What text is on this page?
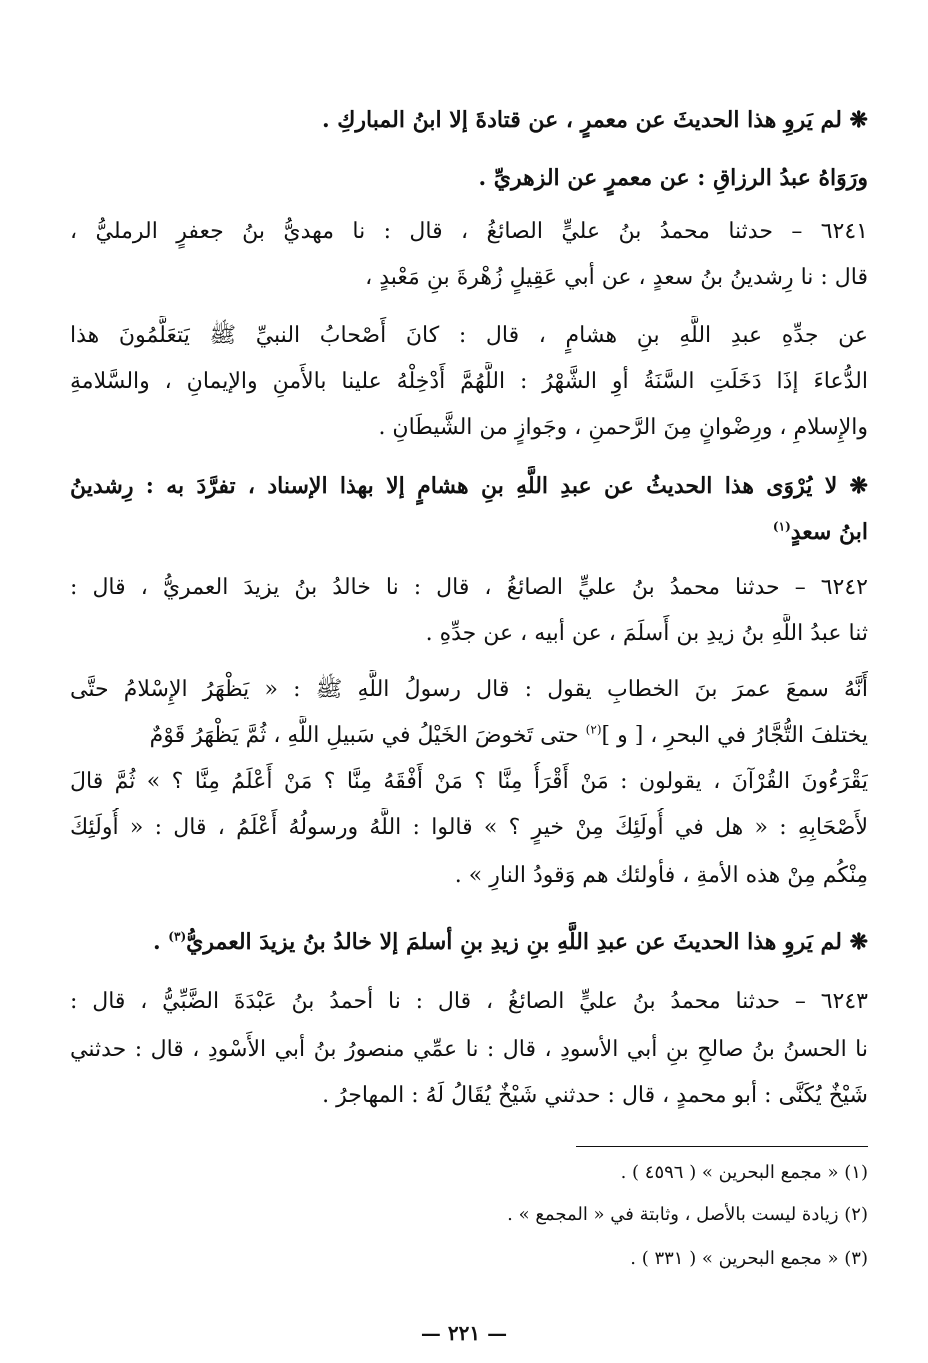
❋ لم يَروِ هذا الحديثَ عن معمرٍ ، عن قتادةَ إلا ابنُ المباركِ .
ورَوَاهُ عبدُ الرزاقِ : عن معمرٍ عن الزهريِّ .
٦٢٤١ – حدثنا محمدُ بنُ عليٍّ الصائغُ ، قال : نا مهديُّ بنُ جعفرٍ الرمليُّ ،
قال : نا رِشدينُ بنُ سعدٍ ، عن أبي عَقِيلٍ زُهْرةَ بنِ مَعْبدٍ ،
عن جدِّهِ عبدِ اللَّهِ بنِ هشامٍ ، قال : كانَ أَصْحابُ النبيِّ ﷺ يَتعَلَّمُونَ هذا
الدُّعاءَ إذَا دَخَلَتِ السَّنَةُ أوِ الشَّهْرُ : اللَّهُمَّ أَدْخِلْهُ علينا بالأَمنِ والإيمانِ ، والسَّلامةِ
والإِسلامِ ، ورِضْوانٍ مِنَ الرَّحمنِ ، وجَوازٍ من الشَّيطَانِ .
❋ لا يُرْوَى هذا الحديثُ عن عبدِ اللَّهِ بنِ هشامٍ إلا بهذا الإسناد ، تفرَّدَ به : رِشدينُ
ابنُ سعدٍ$^{(١)}$
٦٢٤٢ – حدثنا محمدُ بنُ عليٍّ الصائغُ ، قال : نا خالدُ بنُ يزيدَ العمريُّ ، قال :
ثنا عبدُ اللَّهِ بنُ زيدِ بن أَسلَمَ ، عن أبيه ، عن جدِّهِ .
أَنَّهُ سمعَ عمرَ بنَ الخطابِ يقول : قال رسولُ اللَّهِ ﷺ : « يَظْهَرُ الإِسْلامُ حتَّى
يختلفَ التُّجَّارُ في البحرِ ، [ و ]$^{(٢)}$ حتى تَخوضَ الخَيْلُ في سَبيلِ اللَّهِ ، ثُمَّ يَظْهَرُ قَوْمٌ
يَقْرَءُونَ القُرْآنَ ، يقولون : مَنْ أَقْرَأُ مِنَّا ؟ مَنْ أَفْقَهُ مِنَّا ؟ مَنْ أَعْلَمُ مِنَّا ؟ » ثُمَّ قالَ
لأَصْحَابِهِ : « هل في أُولَئِكَ مِنْ خيرٍ ؟ » قالوا : اللَّهُ ورسولُهُ أَعْلَمُ ، قال : « أُولَئِكَ
مِنْكُم مِنْ هذه الأمةِ ، فأولئك هم وَقودُ النارِ » .
❋ لم يَروِ هذا الحديثَ عن عبدِ اللَّهِ بنِ زيدِ بنِ أسلمَ إلا خالدُ بنُ يزيدَ العمريُّ$^{(٣)}$ .
٦٢٤٣ – حدثنا محمدُ بنُ عليٍّ الصائغُ ، قال : نا أحمدُ بنُ عَبْدَةَ الضَّبِّيُّ ، قال :
نا الحسنُ بنُ صالحِ بنِ أبي الأسودِ ، قال : نا عمِّي منصورُ بنُ أبي الأَسْودِ ، قال : حدثني
شَيْخٌ يُكَنَّى : أبو محمدٍ ، قال : حدثني شَيْخٌ يُقَالُ لَهُ : المهاجرُ .
(١) « مجمع البحرين » ( ٤٥٩٦ ) .
(٢) زيادة ليست بالأصل ، وثابتة في « المجمع » .
(٣) « مجمع البحرين » ( ٣٣١ ) .
— ٢٢١ —
